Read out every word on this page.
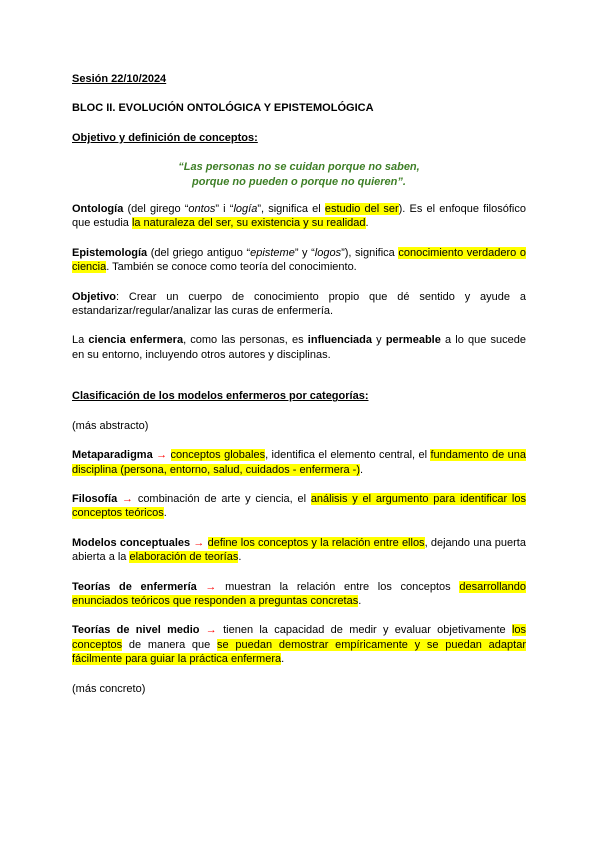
Sesión 22/10/2024

BLOC II. EVOLUCIÓN ONTOLÓGICA Y EPISTEMOLÓGICA

Objetivo y definición de conceptos:

“Las personas no se cuidan porque no saben,
porque no pueden o porque no quieren”.

Ontología (del girego “ontos” i “logía”, significa el estudio del ser). Es el enfoque filosófico que estudia la naturaleza del ser, su existencia y su realidad.

Epistemología (del griego antiguo “episteme” y “logos”), significa conocimiento verdadero o ciencia. También se conoce como teoría del conocimiento.

Objetivo: Crear un cuerpo de conocimiento propio que dé sentido y ayude a estandarizar/regular/analizar las curas de enfermería.

La ciencia enfermera, como las personas, es influenciada y permeable a lo que sucede en su entorno, incluyendo otros autores y disciplinas.

Clasificación de los modelos enfermeros por categorías:

(más abstracto)

Metaparadigma → conceptos globales, identifica el elemento central, el fundamento de una disciplina (persona, entorno, salud, cuidados - enfermera -).

Filosofía → combinación de arte y ciencia, el análisis y el argumento para identificar los conceptos teóricos.

Modelos conceptuales → define los conceptos y la relación entre ellos, dejando una puerta abierta a la elaboración de teorías.

Teorías de enfermería → muestran la relación entre los conceptos desarrollando enunciados teóricos que responden a preguntas concretas.

Teorías de nivel medio → tienen la capacidad de medir y evaluar objetivamente los conceptos de manera que se puedan demostrar empíricamente y se puedan adaptar fácilmente para guiar la práctica enfermera.

(más concreto)
